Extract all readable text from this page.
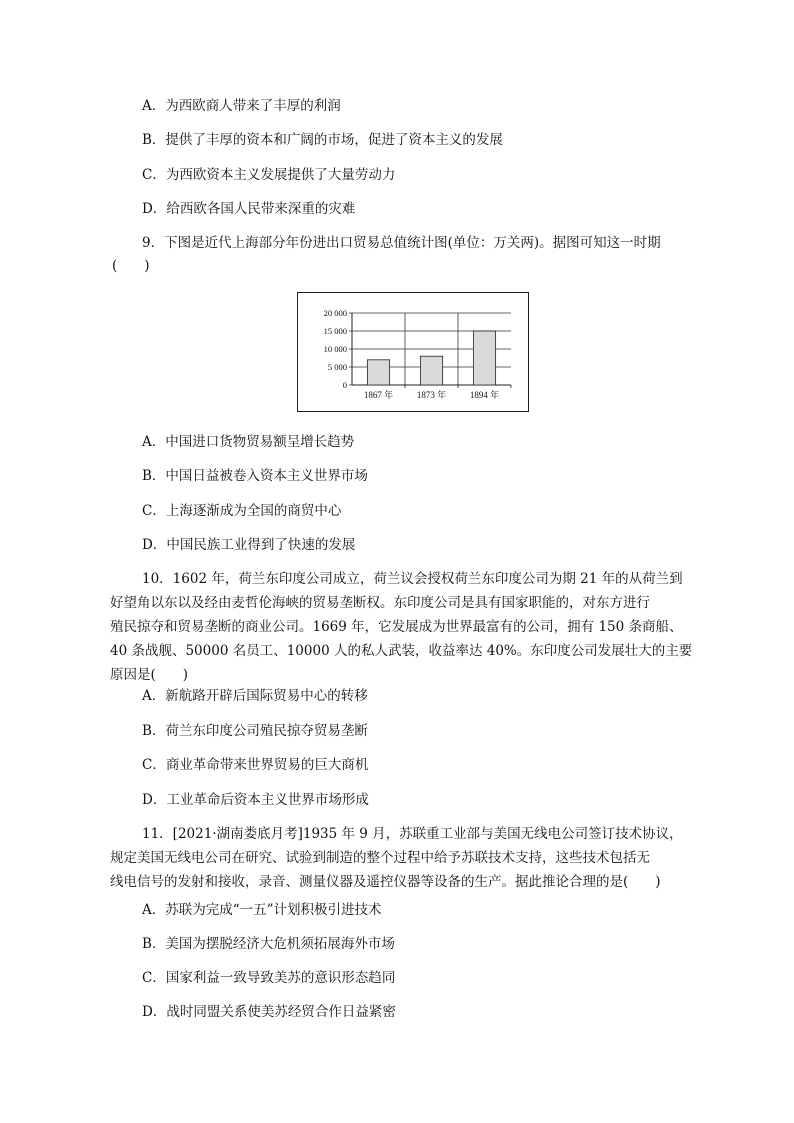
A．为西欧商人带来了丰厚的利润
B．提供了丰厚的资本和广阔的市场，促进了资本主义的发展
C．为西欧资本主义发展提供了大量劳动力
D．给西欧各国人民带来深重的灾难
9．下图是近代上海部分年份进出口贸易总值统计图(单位：万关两)。据图可知这一时期
(　　)
20 000
15 000
10 000
5 000
0
1867 年	1873 年	1894 年
A．中国进口货物贸易额呈增长趋势
B．中国日益被卷入资本主义世界市场
C．上海逐渐成为全国的商贸中心
D．中国民族工业得到了快速的发展
10．1602 年，荷兰东印度公司成立，荷兰议会授权荷兰东印度公司为期 21 年的从荷兰到
好望角以东以及经由麦哲伦海峡的贸易垄断权。东印度公司是具有国家职能的，对东方进行
殖民掠夺和贸易垄断的商业公司。1669 年，它发展成为世界最富有的公司，拥有 150 条商船、
40 条战舰、50000 名员工、10000 人的私人武装，收益率达 40%。东印度公司发展壮大的主要
原因是(　　)
A．新航路开辟后国际贸易中心的转移
B．荷兰东印度公司殖民掠夺贸易垄断
C．商业革命带来世界贸易的巨大商机
D．工业革命后资本主义世界市场形成
11．[2021·湖南娄底月考]1935 年 9 月，苏联重工业部与美国无线电公司签订技术协议，
规定美国无线电公司在研究、试验到制造的整个过程中给予苏联技术支持，这些技术包括无
线电信号的发射和接收，录音、测量仪器及遥控仪器等设备的生产。据此推论合理的是(　　)
A．苏联为完成“一五”计划积极引进技术
B．美国为摆脱经济大危机须拓展海外市场
C．国家利益一致导致美苏的意识形态趋同
D．战时同盟关系使美苏经贸合作日益紧密
